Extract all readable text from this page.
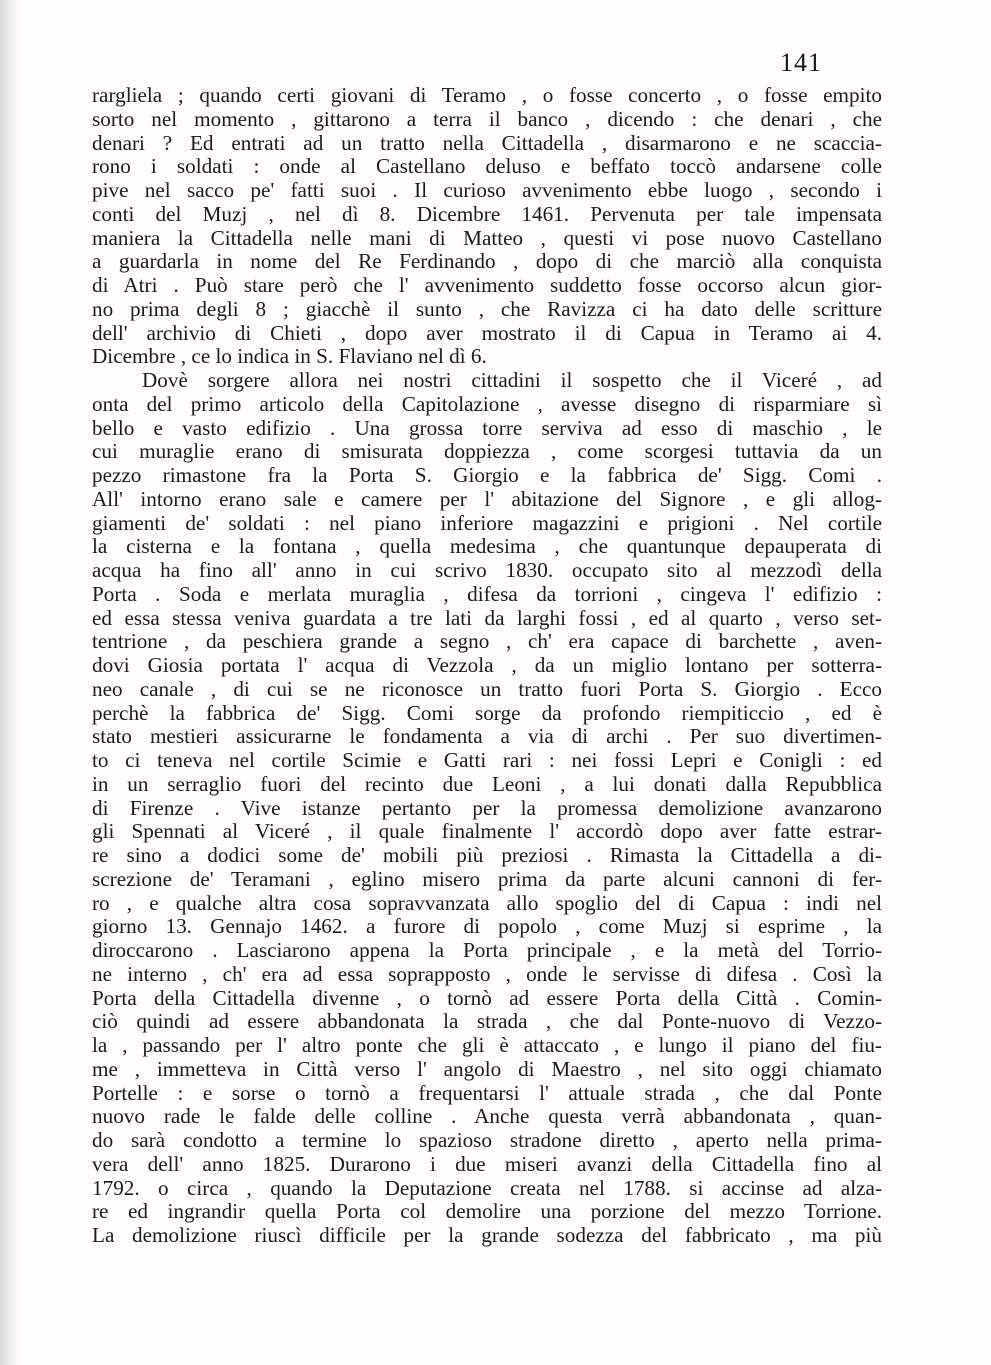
141
rargliela ; quando certi giovani di Teramo , o fosse concerto , o fosse empito
sorto nel momento , gittarono a terra il banco , dicendo : che denari , che
denari ? Ed entrati ad un tratto nella Cittadella , disarmarono e ne scaccia-
rono i soldati : onde al Castellano deluso e beffato toccò andarsene colle
pive nel sacco pe' fatti suoi . Il curioso avvenimento ebbe luogo , secondo i
conti del Muzj , nel dì 8. Dicembre 1461. Pervenuta per tale impensata
maniera la Cittadella nelle mani di Matteo , questi vi pose nuovo Castellano
a guardarla in nome del Re Ferdinando , dopo di che marciò alla conquista
di Atri . Può stare però che l' avvenimento suddetto fosse occorso alcun gior-
no prima degli 8 ; giacchè il sunto , che Ravizza ci ha dato delle scritture
dell' archivio di Chieti , dopo aver mostrato il di Capua in Teramo ai 4.
Dicembre , ce lo indica in S. Flaviano nel dì 6.
Dovè sorgere allora nei nostri cittadini il sospetto che il Viceré , ad
onta del primo articolo della Capitolazione , avesse disegno di risparmiare sì
bello e vasto edifizio . Una grossa torre serviva ad esso di maschio , le
cui muraglie erano di smisurata doppiezza , come scorgesi tuttavia da un
pezzo rimastone fra la Porta S. Giorgio e la fabbrica de' Sigg. Comi .
All' intorno erano sale e camere per l' abitazione del Signore , e gli allog-
giamenti de' soldati : nel piano inferiore magazzini e prigioni . Nel cortile
la cisterna e la fontana , quella medesima , che quantunque depauperata di
acqua ha fino all' anno in cui scrivo 1830. occupato sito al mezzodì della
Porta . Soda e merlata muraglia , difesa da torrioni , cingeva l' edifizio :
ed essa stessa veniva guardata a tre lati da larghi fossi , ed al quarto , verso set-
tentrione , da peschiera grande a segno , ch' era capace di barchette , aven-
dovi Giosia portata l' acqua di Vezzola , da un miglio lontano per sotterra-
neo canale , di cui se ne riconosce un tratto fuori Porta S. Giorgio . Ecco
perchè la fabbrica de' Sigg. Comi sorge da profondo riempiticcio , ed è
stato mestieri assicurarne le fondamenta a via di archi . Per suo divertimen-
to ci teneva nel cortile Scimie e Gatti rari : nei fossi Lepri e Conigli : ed
in un serraglio fuori del recinto due Leoni , a lui donati dalla Repubblica
di Firenze . Vive istanze pertanto per la promessa demolizione avanzarono
gli Spennati al Viceré , il quale finalmente l' accordò dopo aver fatte estrar-
re sino a dodici some de' mobili più preziosi . Rimasta la Cittadella a di-
screzione de' Teramani , eglino misero prima da parte alcuni cannoni di fer-
ro , e qualche altra cosa sopravvanzata allo spoglio del di Capua : indi nel
giorno 13. Gennajo 1462. a furore di popolo , come Muzj si esprime , la
diroccarono . Lasciarono appena la Porta principale , e la metà del Torrio-
ne interno , ch' era ad essa soprapposto , onde le servisse di difesa . Così la
Porta della Cittadella divenne , o tornò ad essere Porta della Città . Comin-
ciò quindi ad essere abbandonata la strada , che dal Ponte-nuovo di Vezzo-
la , passando per l' altro ponte che gli è attaccato , e lungo il piano del fiu-
me , immetteva in Città verso l' angolo di Maestro , nel sito oggi chiamato
Portelle : e sorse o tornò a frequentarsi l' attuale strada , che dal Ponte
nuovo rade le falde delle colline . Anche questa verrà abbandonata , quan-
do sarà condotto a termine lo spazioso stradone diretto , aperto nella prima-
vera dell' anno 1825. Durarono i due miseri avanzi della Cittadella fino al
1792. o circa , quando la Deputazione creata nel 1788. si accinse ad alza-
re ed ingrandir quella Porta col demolire una porzione del mezzo Torrione.
La demolizione riuscì difficile per la grande sodezza del fabbricato , ma più
